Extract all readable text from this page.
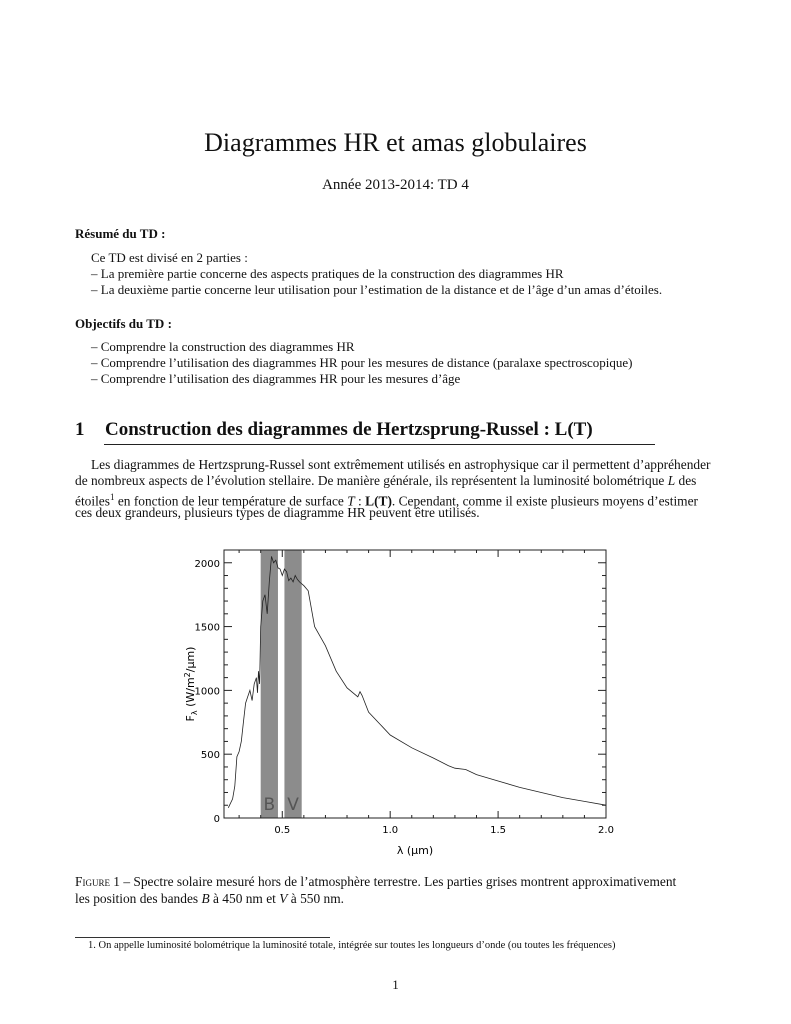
Diagrammes HR et amas globulaires
Année 2013-2014: TD 4
Résumé du TD :
Ce TD est divisé en 2 parties :
– La première partie concerne des aspects pratiques de la construction des diagrammes HR
– La deuxième partie concerne leur utilisation pour l’estimation de la distance et de l’âge d’un amas d’étoiles.
Objectifs du TD :
– Comprendre la construction des diagrammes HR
– Comprendre l’utilisation des diagrammes HR pour les mesures de distance (paralaxe spectroscopique)
– Comprendre l’utilisation des diagrammes HR pour les mesures d’âge
1 Construction des diagrammes de Hertzsprung-Russel : L(T)
Les diagrammes de Hertzsprung-Russel sont extrêmement utilisés en astrophysique car il permettent d’appréhender
de nombreux aspects de l’évolution stellaire. De manière générale, ils représentent la luminosité bolométrique L des
étoiles$^1$ en fonction de leur température de surface T : L(T). Cependant, comme il existe plusieurs moyens d’estimer
ces deux grandeurs, plusieurs types de diagramme HR peuvent être utilisés.
B V
0.5	1.0	1.5	2.0
0
500
1000
1500
2000
λ (μm)
$F_\lambda$ $(W/m^2/\mu m)$
Figure 1 – Spectre solaire mesuré hors de l’atmosphère terrestre. Les parties grises montrent approximativement
les position des bandes B à 450 nm et V à 550 nm.
1. On appelle luminosité bolométrique la luminosité totale, intégrée sur toutes les longueurs d’onde (ou toutes les fréquences)
1
